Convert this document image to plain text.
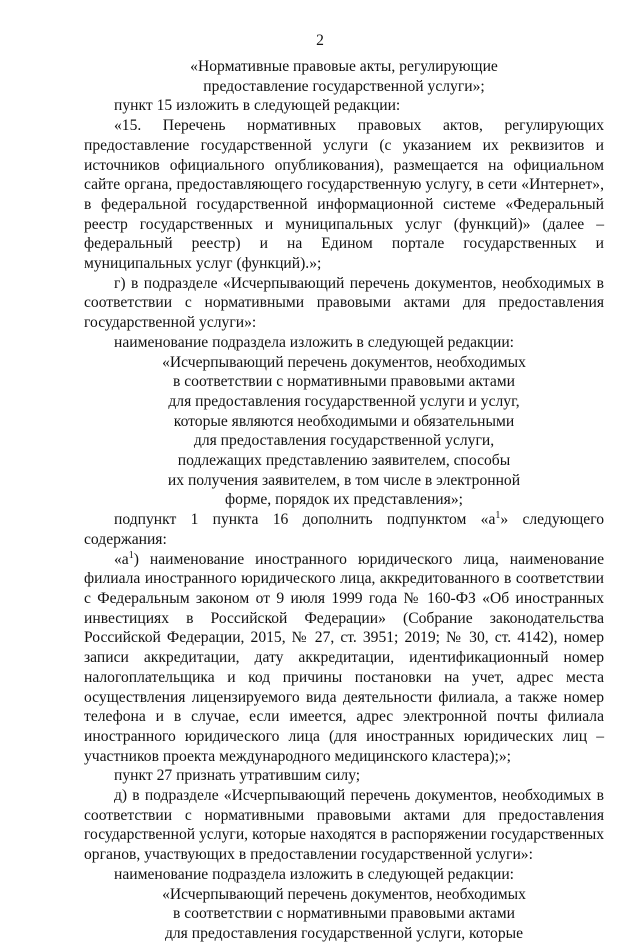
2

«Нормативные правовые акты, регулирующие

предоставление государственной услуги»;

пункт 15 изложить в следующей редакции:

«15. Перечень нормативных правовых актов, регулирующих предоставление государственной услуги (с указанием их реквизитов и источников официального опубликования), размещается на официальном сайте органа, предоставляющего государственную услугу, в сети «Интернет», в федеральной государственной информационной системе «Федеральный реестр государственных и муниципальных услуг (функций)» (далее – федеральный реестр) и на Едином портале государственных и муниципальных услуг (функций).»;

г) в подразделе «Исчерпывающий перечень документов, необходимых в соответствии с нормативными правовыми актами для предоставления государственной услуги»:

наименование подраздела изложить в следующей редакции:

«Исчерпывающий перечень документов, необходимых

в соответствии с нормативными правовыми актами

для предоставления государственной услуги и услуг,

которые являются необходимыми и обязательными

для предоставления государственной услуги,

подлежащих представлению заявителем, способы

их получения заявителем, в том числе в электронной

форме, порядок их представления»;

подпункт 1 пункта 16 дополнить подпунктом «$а^1$» следующего содержания:

«$а^1$) наименование иностранного юридического лица, наименование филиала иностранного юридического лица, аккредитованного в соответствии с Федеральным законом от 9 июля 1999 года № 160-ФЗ «Об иностранных инвестициях в Российской Федерации» (Собрание законодательства Российской Федерации, 2015, № 27, ст. 3951; 2019; № 30, ст. 4142), номер записи аккредитации, дату аккредитации, идентификационный номер налогоплательщика и код причины постановки на учет, адрес места осуществления лицензируемого вида деятельности филиала, а также номер телефона и в случае, если имеется, адрес электронной почты филиала иностранного юридического лица (для иностранных юридических лиц – участников проекта международного медицинского кластера);»;

пункт 27 признать утратившим силу;

д) в подразделе «Исчерпывающий перечень документов, необходимых в соответствии с нормативными правовыми актами для предоставления государственной услуги, которые находятся в распоряжении государственных органов, участвующих в предоставлении государственной услуги»:

наименование подраздела изложить в следующей редакции:

«Исчерпывающий перечень документов, необходимых

в соответствии с нормативными правовыми актами

для предоставления государственной услуги, которые
